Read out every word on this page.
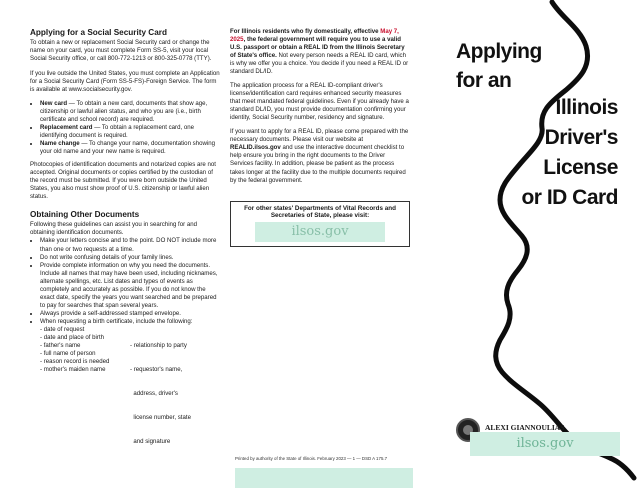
Applying for a Social Security Card

To obtain a new or replacement Social Security card or change the name on your card, you must complete Form SS-5, visit your local Social Security office, or call 800-772-1213 or 800-325-0778 (TTY).

If you live outside the United States, you must complete an Application for a Social Security Card (Form SS-5-FS)-Foreign Service. The form is available at www.socialsecurity.gov.

• New card — To obtain a new card, documents that show age, citizenship or lawful alien status, and who you are (i.e., birth certificate and school record) are required.
• Replacement card — To obtain a replacement card, one identifying document is required.
• Name change — To change your name, documentation showing your old name and your new name is required.

Photocopies of identification documents and notarized copies are not accepted. Original documents or copies certified by the custodian of the record must be submitted. If you were born outside the United States, you also must show proof of U.S. citizenship or lawful alien status.

Obtaining Other Documents

Following these guidelines can assist you in searching for and obtaining identification documents.

• Make your letters concise and to the point. DO NOT include more than one or two requests at a time.
• Do not write confusing details of your family lines.
• Provide complete information on why you need the documents. Include all names that may have been used, including nicknames, alternate spellings, etc. List dates and types of events as completely and accurately as possible. If you do not know the exact date, specify the years you want searched and be prepared to pay for searches that span several years.
• Always provide a self-addressed stamped envelope.
• When requesting a birth certificate, include the following:
- date of request
- date and place of birth
- father's name
- full name of person
- reason record is needed
- mother's maiden name

- relationship to party

- requestor's name,

address, driver's

license number, state

and signature

For Illinois residents who fly domestically, effective May 7, 2025, the federal government will require you to use a valid U.S. passport or obtain a REAL ID from the Illinois Secretary of State's office. Not every person needs a REAL ID card, which is why we offer you a choice. You decide if you need a REAL ID or standard DL/ID.

The application process for a REAL ID-compliant driver's license/identification card requires enhanced security measures that meet mandated federal guidelines. Even if you already have a standard DL/ID, you must provide documentation confirming your identity, Social Security number, residency and signature.

If you want to apply for a REAL ID, please come prepared with the necessary documents. Please visit our website at REALID.ilsos.gov and use the interactive document checklist to help ensure you bring in the right documents to the Driver Services facility. In addition, please be patient as the process takes longer at the facility due to the multiple documents required by the federal government.

For other states' Departments of Vital Records and Secretaries of State, please visit:
ilsos.gov
Printed by authority of the State of Illinois. February 2023 — 1 — DSD A 175.7
Applying
for an
Illinois
Driver's
License
or ID Card
ALEXI GIANNOULIAS
ilsos.gov
